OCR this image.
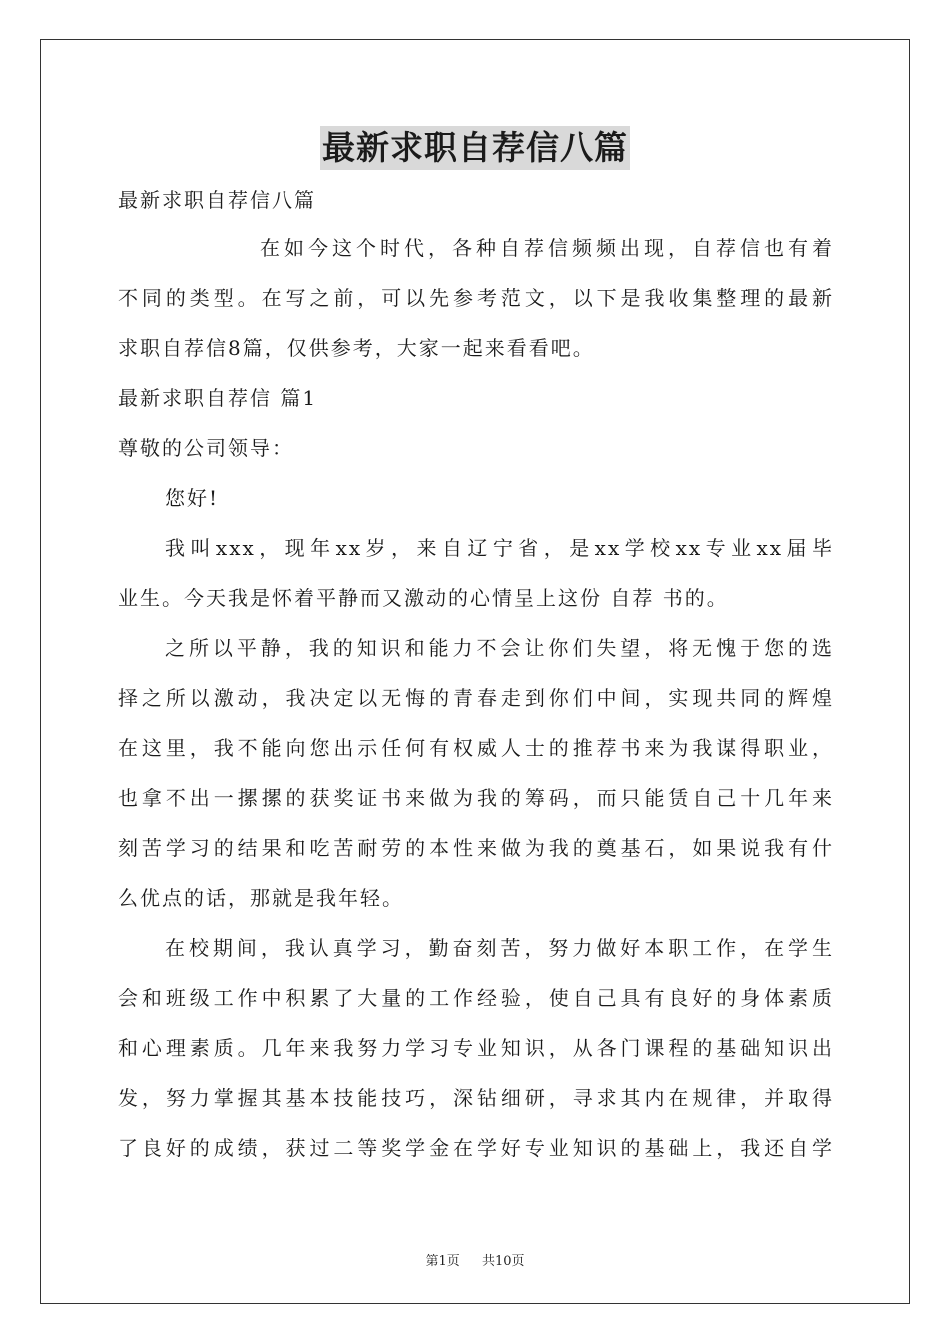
最新求职自荐信八篇
最新求职自荐信八篇
在如今这个时代，各种自荐信频频出现，自荐信也有着
不同的类型。在写之前，可以先参考范文，以下是我收集整理的最新
求职自荐信8篇，仅供参考，大家一起来看看吧。
最新求职自荐信 篇1
尊敬的公司领导：
您好!
我叫xxx，现年xx岁，来自辽宁省，是xx学校xx专业xx届毕
业生。今天我是怀着平静而又激动的心情呈上这份 自荐 书的。
之所以平静，我的知识和能力不会让你们失望，将无愧于您的选
择之所以激动，我决定以无悔的青春走到你们中间，实现共同的辉煌
在这里，我不能向您出示任何有权威人士的推荐书来为我谋得职业，
也拿不出一摞摞的获奖证书来做为我的筹码，而只能赁自己十几年来
刻苦学习的结果和吃苦耐劳的本性来做为我的奠基石，如果说我有什
么优点的话，那就是我年轻。
在校期间，我认真学习，勤奋刻苦，努力做好本职工作，在学生
会和班级工作中积累了大量的工作经验，使自己具有良好的身体素质
和心理素质。几年来我努力学习专业知识，从各门课程的基础知识出
发，努力掌握其基本技能技巧，深钻细研，寻求其内在规律，并取得
了良好的成绩，获过二等奖学金在学好专业知识的基础上，我还自学
第1页 共10页
